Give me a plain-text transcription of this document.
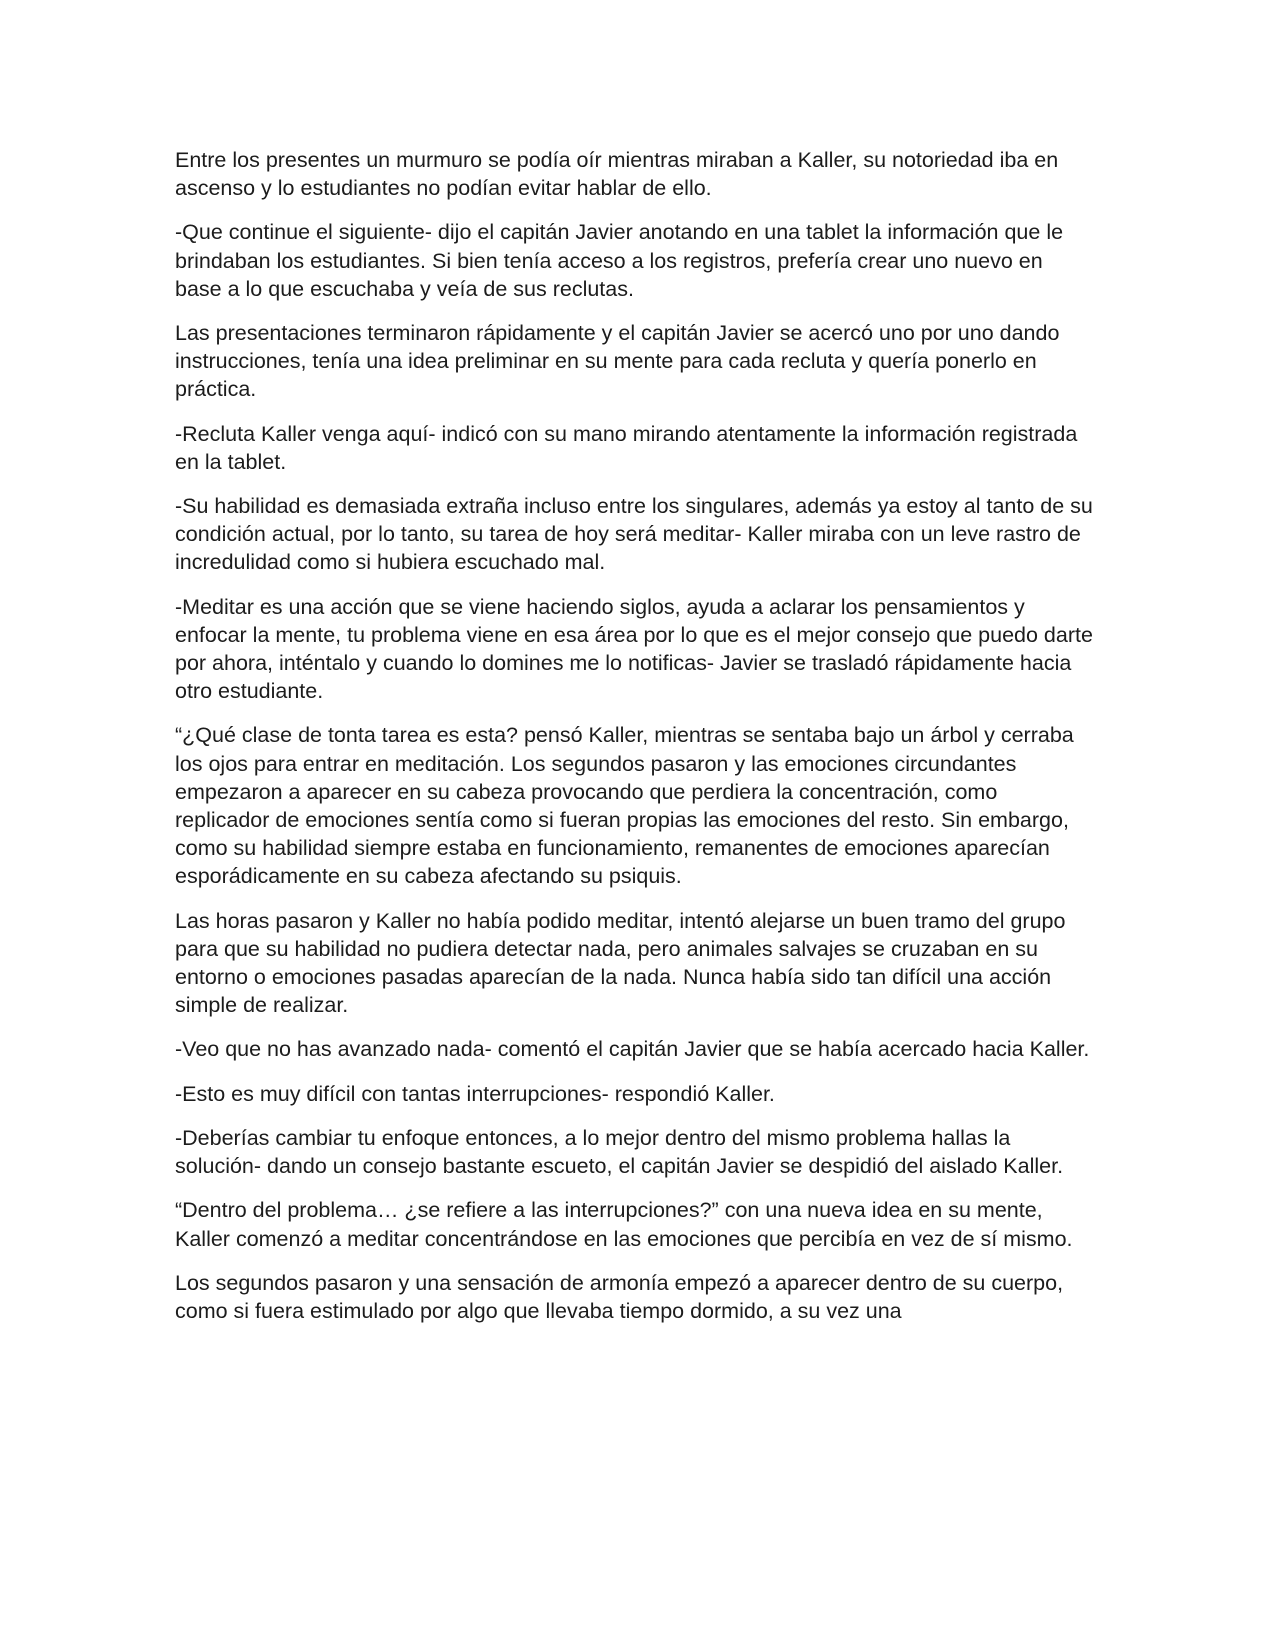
Entre los presentes un murmuro se podía oír mientras miraban a Kaller, su notoriedad iba en ascenso y lo estudiantes no podían evitar hablar de ello.

-Que continue el siguiente- dijo el capitán Javier anotando en una tablet la información que le brindaban los estudiantes. Si bien tenía acceso a los registros, prefería crear uno nuevo en base a lo que escuchaba y veía de sus reclutas.

Las presentaciones terminaron rápidamente y el capitán Javier se acercó uno por uno dando instrucciones, tenía una idea preliminar en su mente para cada recluta y quería ponerlo en práctica.

-Recluta Kaller venga aquí- indicó con su mano mirando atentamente la información registrada en la tablet.

-Su habilidad es demasiada extraña incluso entre los singulares, además ya estoy al tanto de su condición actual, por lo tanto, su tarea de hoy será meditar- Kaller miraba con un leve rastro de incredulidad como si hubiera escuchado mal.

-Meditar es una acción que se viene haciendo siglos, ayuda a aclarar los pensamientos y enfocar la mente, tu problema viene en esa área por lo que es el mejor consejo que puedo darte por ahora, inténtalo y cuando lo domines me lo notificas- Javier se trasladó rápidamente hacia otro estudiante.

“¿Qué clase de tonta tarea es esta? pensó Kaller, mientras se sentaba bajo un árbol y cerraba los ojos para entrar en meditación. Los segundos pasaron y las emociones circundantes empezaron a aparecer en su cabeza provocando que perdiera la concentración, como replicador de emociones sentía como si fueran propias las emociones del resto. Sin embargo, como su habilidad siempre estaba en funcionamiento, remanentes de emociones aparecían esporádicamente en su cabeza afectando su psiquis.

Las horas pasaron y Kaller no había podido meditar, intentó alejarse un buen tramo del grupo para que su habilidad no pudiera detectar nada, pero animales salvajes se cruzaban en su entorno o emociones pasadas aparecían de la nada. Nunca había sido tan difícil una acción simple de realizar.

-Veo que no has avanzado nada- comentó el capitán Javier que se había acercado hacia Kaller.

-Esto es muy difícil con tantas interrupciones- respondió Kaller.

-Deberías cambiar tu enfoque entonces, a lo mejor dentro del mismo problema hallas la solución- dando un consejo bastante escueto, el capitán Javier se despidió del aislado Kaller.

“Dentro del problema… ¿se refiere a las interrupciones?” con una nueva idea en su mente, Kaller comenzó a meditar concentrándose en las emociones que percibía en vez de sí mismo.

Los segundos pasaron y una sensación de armonía empezó a aparecer dentro de su cuerpo, como si fuera estimulado por algo que llevaba tiempo dormido, a su vez una
